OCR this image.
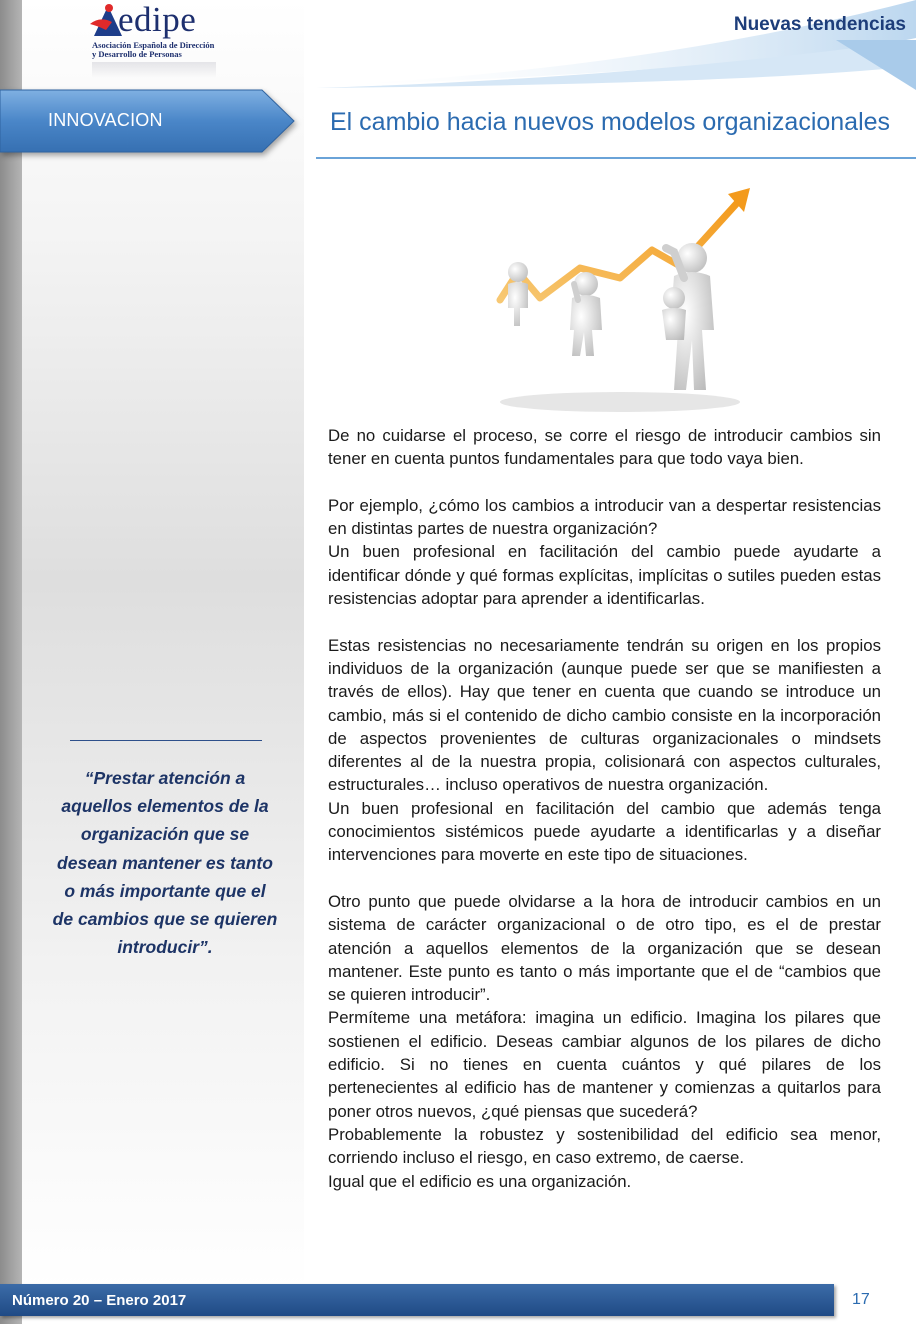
edipe
Asociación Española de Dirección y Desarrollo de Personas
INNOVACION
Nuevas tendencias
El cambio hacia nuevos modelos organizacionales
“Prestar atención a aquellos elementos de la organización que se desean mantener es tanto o más importante que el de cambios que se quieren introducir”.

De no cuidarse el proceso, se corre el riesgo de introducir cambios sin tener en cuenta puntos fundamentales para que todo vaya bien.

Por ejemplo, ¿cómo los cambios a introducir van a despertar resistencias en distintas partes de nuestra organización?

Un buen profesional en facilitación del cambio puede ayudarte a identificar dónde y qué formas explícitas, implícitas o sutiles pueden estas resistencias adoptar para aprender a identificarlas.

Estas resistencias no necesariamente tendrán su origen en los propios individuos de la organización (aunque puede ser que se manifiesten a través de ellos). Hay que tener en cuenta que cuando se introduce un cambio, más si el contenido de dicho cambio consiste en la incorporación de aspectos provenientes de culturas organizacionales o mindsets diferentes al de la nuestra propia, colisionará con aspectos culturales, estructurales… incluso operativos de nuestra organización.

Un buen profesional en facilitación del cambio que además tenga conocimientos sistémicos puede ayudarte a identificarlas y a diseñar intervenciones para moverte en este tipo de situaciones.

Otro punto que puede olvidarse a la hora de introducir cambios en un sistema de carácter organizacional o de otro tipo, es el de prestar atención a aquellos elementos de la organización que se desean mantener. Este punto es tanto o más importante que el de “cambios que se quieren introducir”.

Permíteme una metáfora: imagina un edificio. Imagina los pilares que sostienen el edificio. Deseas cambiar algunos de los pilares de dicho edificio. Si no tienes en cuenta cuántos y qué pilares de los pertenecientes al edificio has de mantener y comienzas a quitarlos para poner otros nuevos, ¿qué piensas que sucederá?

Probablemente la robustez y sostenibilidad del edificio sea menor, corriendo incluso el riesgo, en caso extremo, de caerse.

Igual que el edificio es una organización.

Número 20 – Enero 2017	17
